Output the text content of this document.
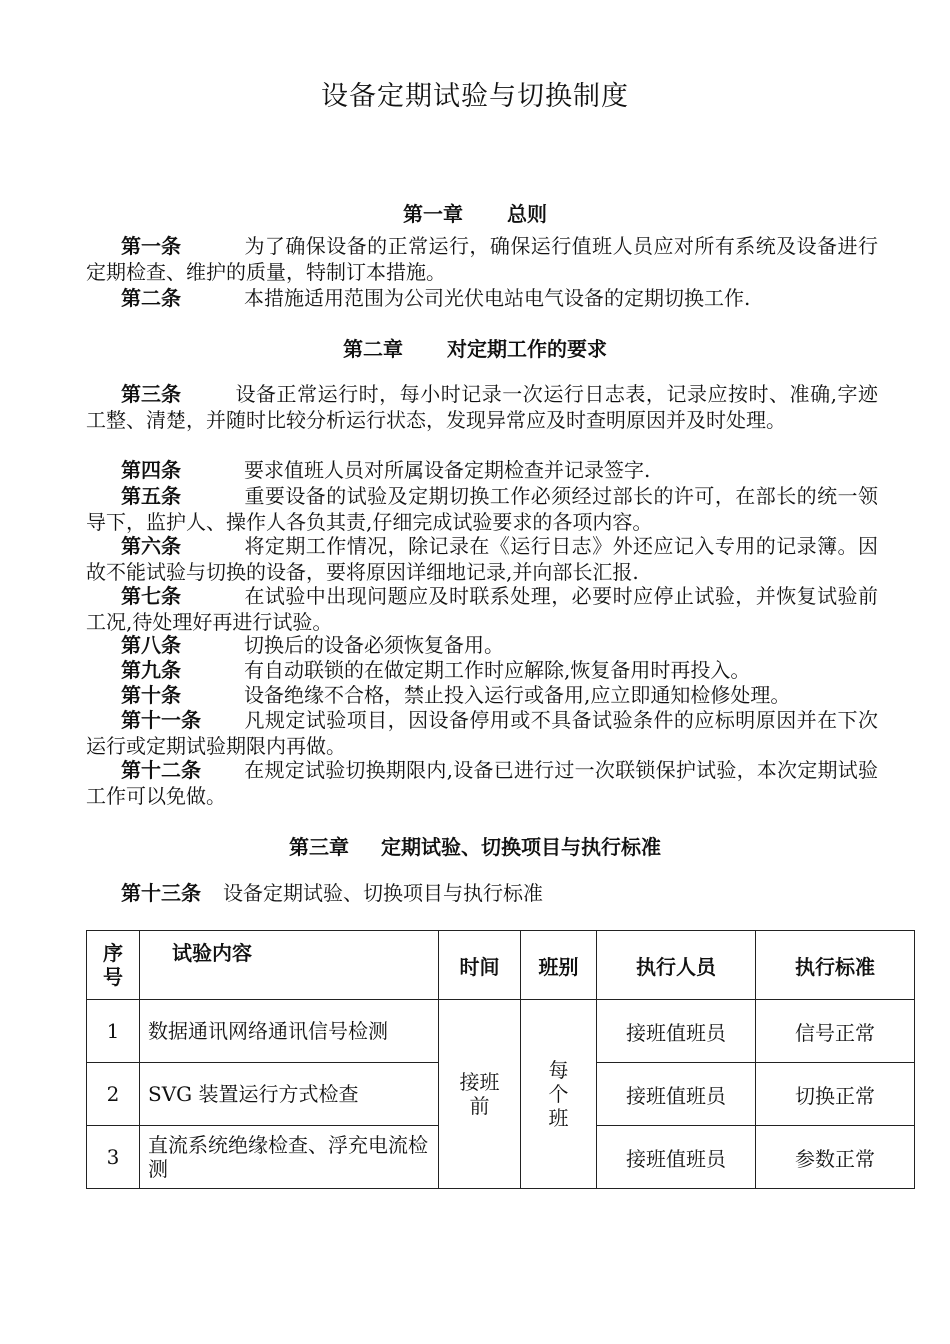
设备定期试验与切换制度
第一章 总则
第一条	为了确保设备的正常运行，确保运行值班人员应对所有系统及设备进行定期检查、维护的质量，特制订本措施。
第二条	本措施适用范围为公司光伏电站电气设备的定期切换工作.
第二章 对定期工作的要求
第三条	设备正常运行时，每小时记录一次运行日志表，记录应按时、准确,字迹工整、清楚，并随时比较分析运行状态，发现异常应及时查明原因并及时处理。
第四条	要求值班人员对所属设备定期检查并记录签字.
第五条	重要设备的试验及定期切换工作必须经过部长的许可，在部长的统一领导下，监护人、操作人各负其责,仔细完成试验要求的各项内容。
第六条	将定期工作情况，除记录在《运行日志》外还应记入专用的记录簿。因故不能试验与切换的设备，要将原因详细地记录,并向部长汇报.
第七条	在试验中出现问题应及时联系处理，必要时应停止试验，并恢复试验前工况,待处理好再进行试验。
第八条	切换后的设备必须恢复备用。
第九条	有自动联锁的在做定期工作时应解除,恢复备用时再投入。
第十条	设备绝缘不合格，禁止投入运行或备用,应立即通知检修处理。
第十一条 凡规定试验项目，因设备停用或不具备试验条件的应标明原因并在下次运行或定期试验期限内再做。
第十二条 在规定试验切换期限内,设备已进行过一次联锁保护试验，本次定期试验工作可以免做。
第三章 定期试验、切换项目与执行标准
第十三条 设备定期试验、切换项目与执行标准
序号	试验内容	时间	班别	执行人员	执行标准
1	数据通讯网络通讯信号检测	接班前	每个班	接班值班员	信号正常
2	SVG 装置运行方式检查			接班值班员	切换正常
3	直流系统绝缘检查、浮充电流检测			接班值班员	参数正常
